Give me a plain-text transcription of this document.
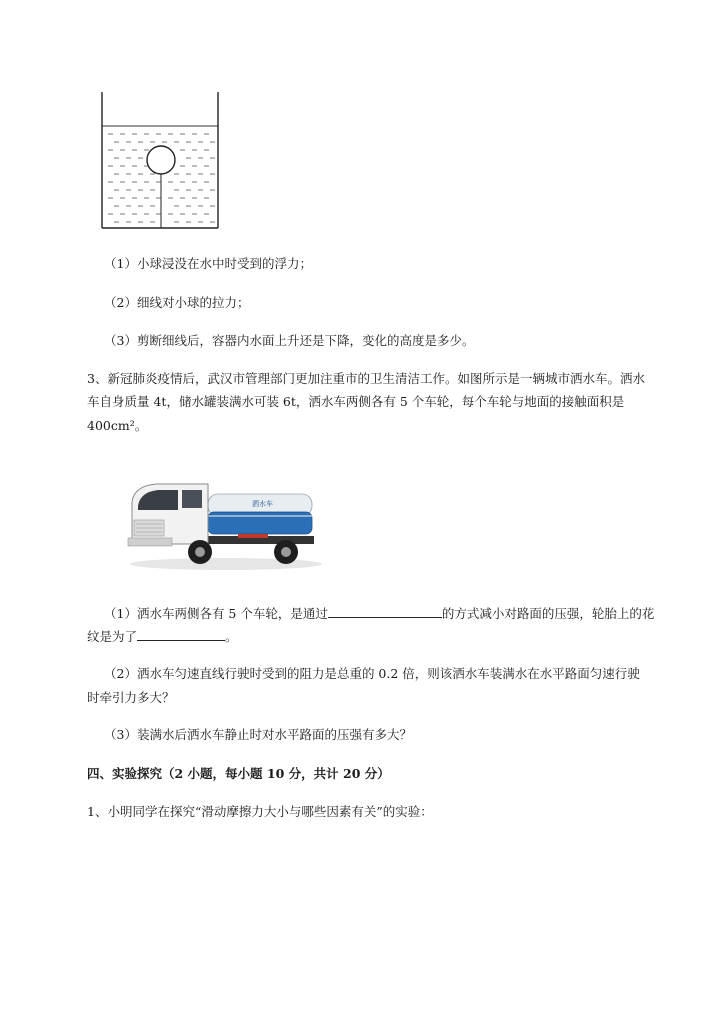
（1）小球浸没在水中时受到的浮力；
（2）细线对小球的拉力；
（3）剪断细线后，容器内水面上升还是下降，变化的高度是多少。
3、新冠肺炎疫情后，武汉市管理部门更加注重市的卫生清洁工作。如图所示是一辆城市洒水车。洒水
车自身质量 4t，储水罐装满水可装 6t，洒水车两侧各有 5 个车轮，每个车轮与地面的接触面积是
400cm²。
洒水车
（1）洒水车两侧各有 5 个车轮，是通过	的方式减小对路面的压强，轮胎上的花
纹是为了	。
（2）洒水车匀速直线行驶时受到的阻力是总重的 0.2 倍，则该洒水车装满水在水平路面匀速行驶
时牵引力多大？
（3）装满水后洒水车静止时对水平路面的压强有多大？
四、实验探究（2 小题，每小题 10 分，共计 20 分）
1、小明同学在探究“滑动摩擦力大小与哪些因素有关”的实验：
